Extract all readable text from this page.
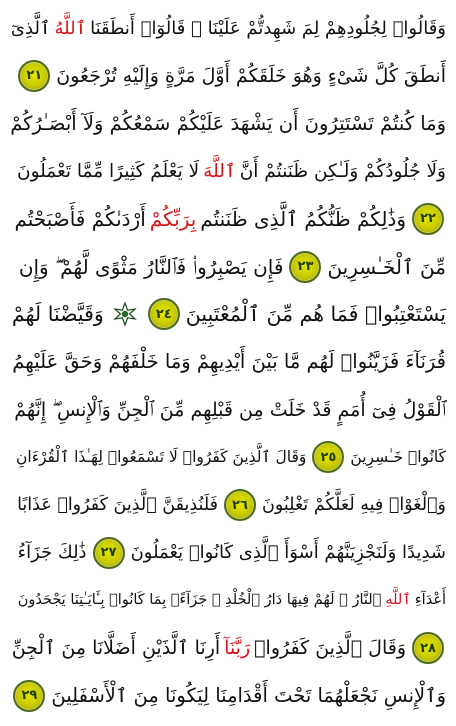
وَقَالُوا۟ لِجُلُودِهِمْ لِمَ شَهِدتُّمْ عَلَيْنَا ۖ قَالُوٓا۟ أَنطَقَنَا
ٱللَّهُ
ٱلَّذِىٓ
أَنطَقَ كُلَّ شَىْءٍ وَهُوَ خَلَقَكُمْ أَوَّلَ مَرَّةٍ وَإِلَيْهِ تُرْجَعُونَ
٢١
وَمَا كُنتُمْ تَسْتَتِرُونَ أَن يَشْهَدَ عَلَيْكُمْ سَمْعُكُمْ وَلَآ أَبْصَـٰرُكُمْ
وَلَا جُلُودُكُمْ وَلَـٰكِن ظَنَنتُمْ أَنَّ
ٱللَّهَ
لَا يَعْلَمُ كَثِيرًا مِّمَّا تَعْمَلُونَ
٢٢
وَذَٰلِكُمْ ظَنُّكُمُ ٱلَّذِى ظَنَنتُم
بِرَبِّكُمْ
أَرْدَىٰكُمْ فَأَصْبَحْتُم
مِّنَ ٱلْخَـٰسِرِينَ
٢٣
فَإِن يَصْبِرُوا۟ فَٱلنَّارُ مَثْوًى لَّهُمْ ۖ وَإِن
يَسْتَعْتِبُوا۟ فَمَا هُم مِّنَ ٱلْمُعْتَبِينَ
٢٤
وَقَيَّضْنَا لَهُمْ
قُرَنَآءَ فَزَيَّنُوا۟ لَهُم مَّا بَيْنَ أَيْدِيهِمْ وَمَا خَلْفَهُمْ وَحَقَّ عَلَيْهِمُ
ٱلْقَوْلُ فِىٓ أُمَمٍ قَدْ خَلَتْ مِن قَبْلِهِم مِّنَ ٱلْجِنِّ وَٱلْإِنسِ ۖ إِنَّهُمْ
كَانُوا۟ خَـٰسِرِينَ
٢٥
وَقَالَ ٱلَّذِينَ كَفَرُوا۟ لَا تَسْمَعُوا۟ لِهَـٰذَا ٱلْقُرْءَانِ
وَٱلْغَوْا۟ فِيهِ لَعَلَّكُمْ تَغْلِبُونَ
٢٦
فَلَنُذِيقَنَّ ٱلَّذِينَ كَفَرُوا۟ عَذَابًا
شَدِيدًا وَلَنَجْزِيَنَّهُمْ أَسْوَأَ ٱلَّذِى كَانُوا۟ يَعْمَلُونَ
٢٧
ذَٰلِكَ جَزَآءُ
أَعْدَآءِ
ٱللَّهِ
ٱلنَّارُ ۖ لَهُمْ فِيهَا دَارُ ٱلْخُلْدِ ۖ جَزَآءًۢ بِمَا كَانُوا۟ بِـَٔايَـٰتِنَا يَجْحَدُونَ
٢٨
وَقَالَ ٱلَّذِينَ كَفَرُوا۟
رَبَّنَآ
أَرِنَا ٱلَّذَيْنِ أَضَلَّانَا مِنَ ٱلْجِنِّ
وَٱلْإِنسِ نَجْعَلْهُمَا تَحْتَ أَقْدَامِنَا لِيَكُونَا مِنَ ٱلْأَسْفَلِينَ
٢٩
